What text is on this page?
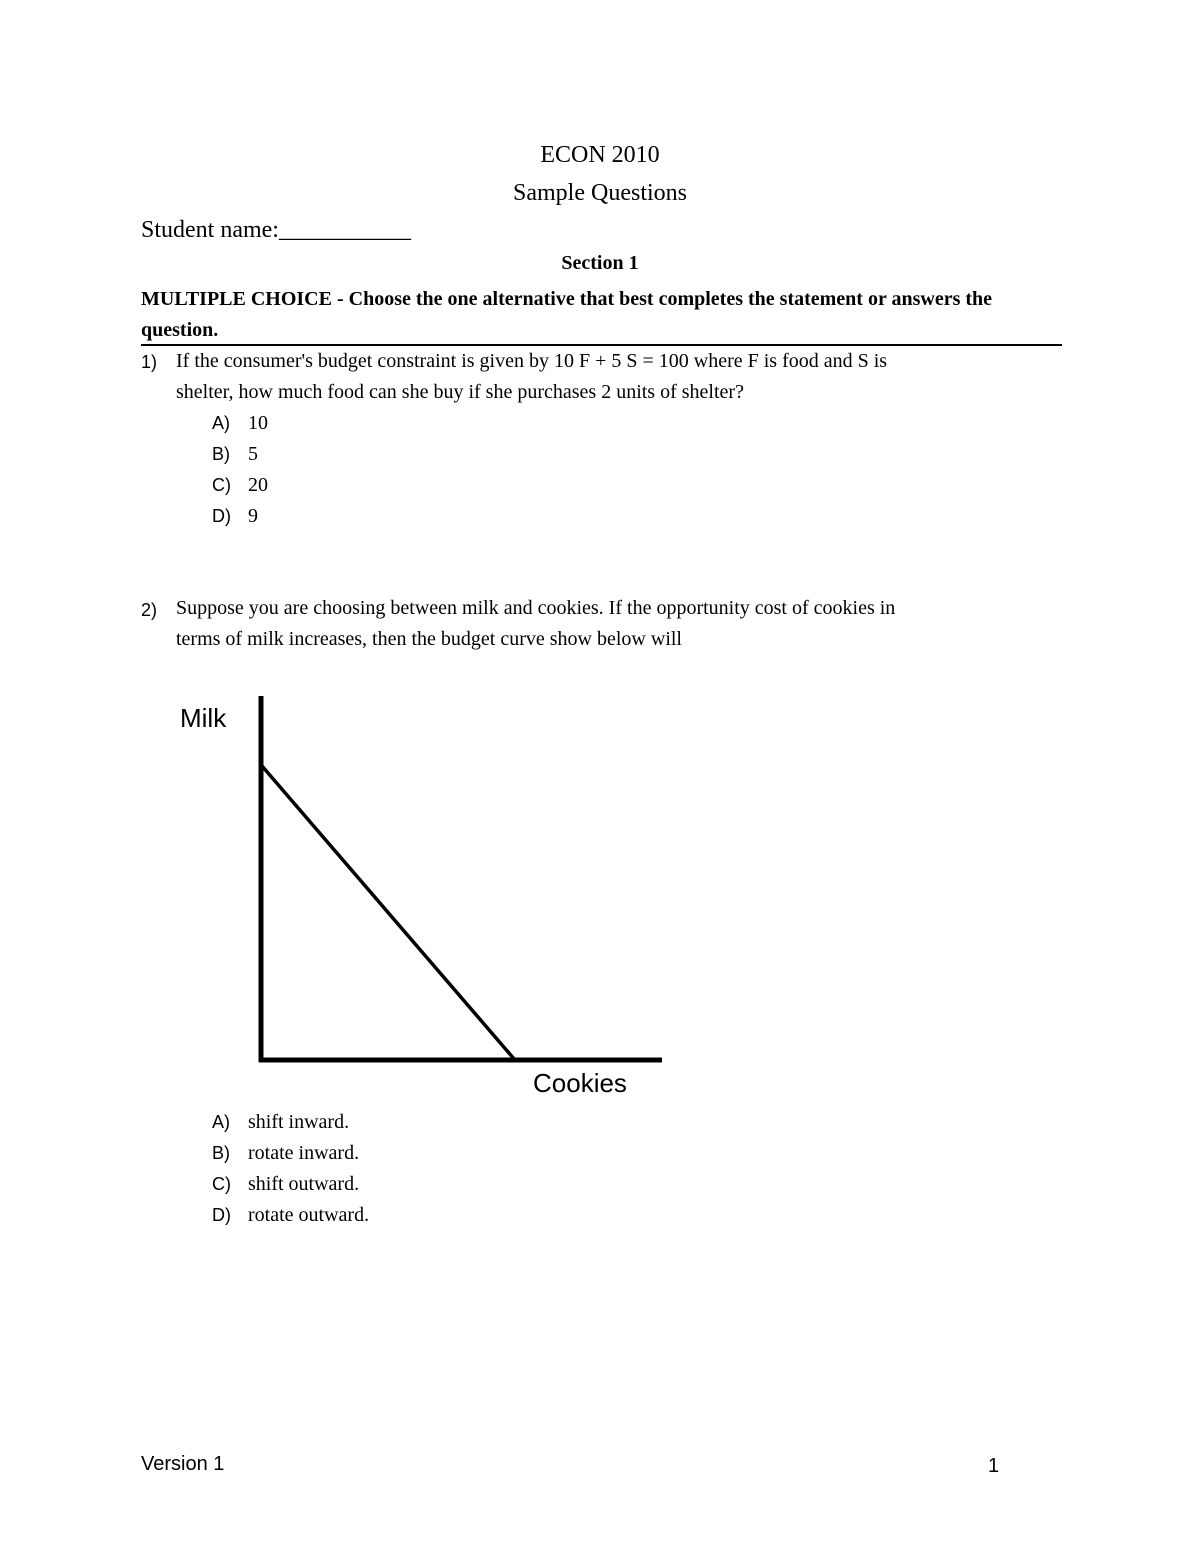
ECON 2010
Sample Questions
Student name:___________
Section 1
MULTIPLE CHOICE - Choose the one alternative that best completes the statement or answers the question.
1) If the consumer's budget constraint is given by 10 F + 5 S = 100 where F is food and S is
shelter, how much food can she buy if she purchases 2 units of shelter?
A) 10
B) 5
C) 20
D) 9
2) Suppose you are choosing between milk and cookies. If the opportunity cost of cookies in
terms of milk increases, then the budget curve show below will
Milk
Cookies
A) shift inward.
B) rotate inward.
C) shift outward.
D) rotate outward.
Version 1	1
